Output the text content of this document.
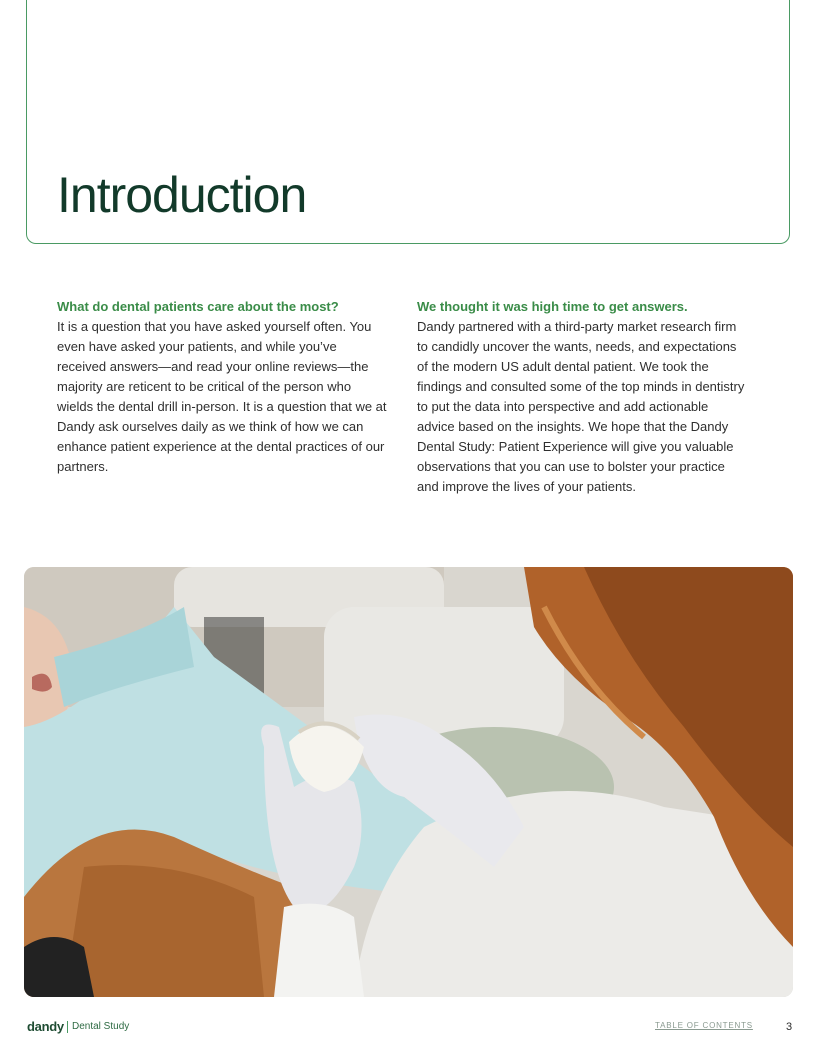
Introduction
What do dental patients care about the most?
It is a question that you have asked yourself often. You even have asked your patients, and while you’ve received answers—and read your online reviews—the majority are reticent to be critical of the person who wields the dental drill in-person. It is a question that we at Dandy ask ourselves daily as we think of how we can enhance patient experience at the dental practices of our partners.
We thought it was high time to get answers.
Dandy partnered with a third-party market research firm to candidly uncover the wants, needs, and expectations of the modern US adult dental patient. We took the findings and consulted some of the top minds in dentistry to put the data into perspective and add actionable advice based on the insights. We hope that the Dandy Dental Study: Patient Experience will give you valuable observations that you can use to bolster your practice and improve the lives of your patients.
dandy Dental Study	TABLE OF CONTENTS	3
